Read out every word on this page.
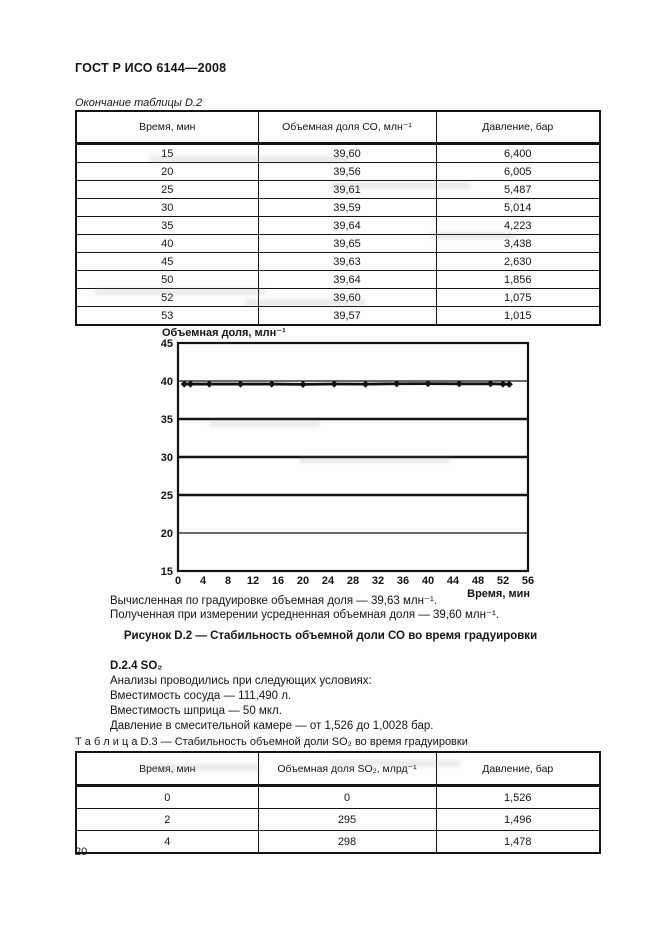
ГОСТ Р ИСО 6144—2008
Окончание таблицы D.2
Время, мин	Объемная доля СО, млн⁻¹	Давление, бар
15	39,60	6,400
20	39,56	6,005
25	39,61	5,487
30	39,59	5,014
35	39,64	4,223
40	39,65	3,438
45	39,63	2,630
50	39,64	1,856
52	39,60	1,075
53	39,57	1,015
Объемная доля, млн⁻¹
15
20
25
30
35
40
45
0 4 8 12 16 20 24 28 32 36 40 44 48 52 56
Время, мин
Вычисленная по градуировке объемная доля — 39,63 млн⁻¹.
Полученная при измерении усредненная объемная доля — 39,60 млн⁻¹.
Рисунок D.2 — Стабильность объемной доли СО во время градуировки
D.2.4 SO₂
Анализы проводились при следующих условиях:
Вместимость сосуда — 111,490 л.
Вместимость шприца — 50 мкл.
Давление в смесительной камере — от 1,526 до 1,0028 бар.
Т а б л и ц а D.3 — Стабильность объемной доли SO₂ во время градуировки
Время, мин	Объемная доля SO₂, млрд⁻¹	Давление, бар
0	0	1,526
2	295	1,496
4	298	1,478
20
